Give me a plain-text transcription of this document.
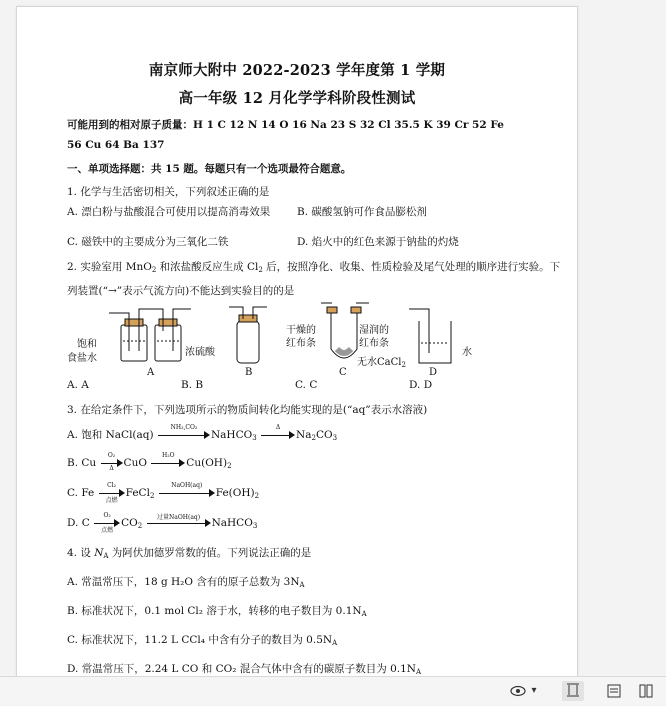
南京师大附中 2022-2023 学年度第 1 学期
高一年级 12 月化学学科阶段性测试
可能用到的相对原子质量：H 1 C 12 N 14 O 16 Na 23 S 32 Cl 35.5 K 39 Cr 52 Fe
56 Cu 64 Ba 137
一、单项选择题：共 15 题。每题只有一个选项最符合题意。
1. 化学与生活密切相关，下列叙述正确的是
A. 漂白粉与盐酸混合可使用以提高消毒效果	B. 碳酸氢钠可作食品膨松剂
C. 磁铁中的主要成分为三氧化二铁	D. 焰火中的红色来源于钠盐的灼烧
2. 实验室用 MnO$_2$ 和浓盐酸反应生成 $Cl_2$ 后，按照净化、收集、性质检验及尾气处理的顺序进行实验。下
列装置(“→”表示气流方向)不能达到实验目的的是
饱和
食盐水
浓硫酸
干燥的
红布条
湿润的
红布条
无水CaCl$_2$
水
A	B	C	D
A. A	B. B	C. C	D. D
3. 在给定条件下，下列选项所示的物质间转化均能实现的是(“aq”表示水溶液)
A. 饱和 NaCl(aq)
NH₃,CO₂
NaHCO$_3$
Δ
$Na_2CO_3$
B. Cu $\frac{\text{O₂}}{\Delta}$ CuO
H₂O
$Cu(OH)_2$
C. Fe
Cl₂
点燃
FeCl$_2$
NaOH(aq)
$Fe(OH)_2$
D. C
O₂
点燃
$CO_2$
过量NaOH(aq)	NaHCO$_3$
4. 设 $N_A$ 为阿伏加德罗常数的值。下列说法正确的是
A. 常温常压下，18 g H₂O 含有的原子总数为 $3N_A$
B. 标准状况下，0.1 mol Cl₂ 溶于水，转移的电子数目为 $0.1N_A$
C. 标准状况下，11.2 L CCl₄ 中含有分子的数目为 $0.5N_A$
D. 常温常压下，2.24 L CO 和 CO₂ 混合气体中含有的碳原子数目为 $0.1N_A$
▾
